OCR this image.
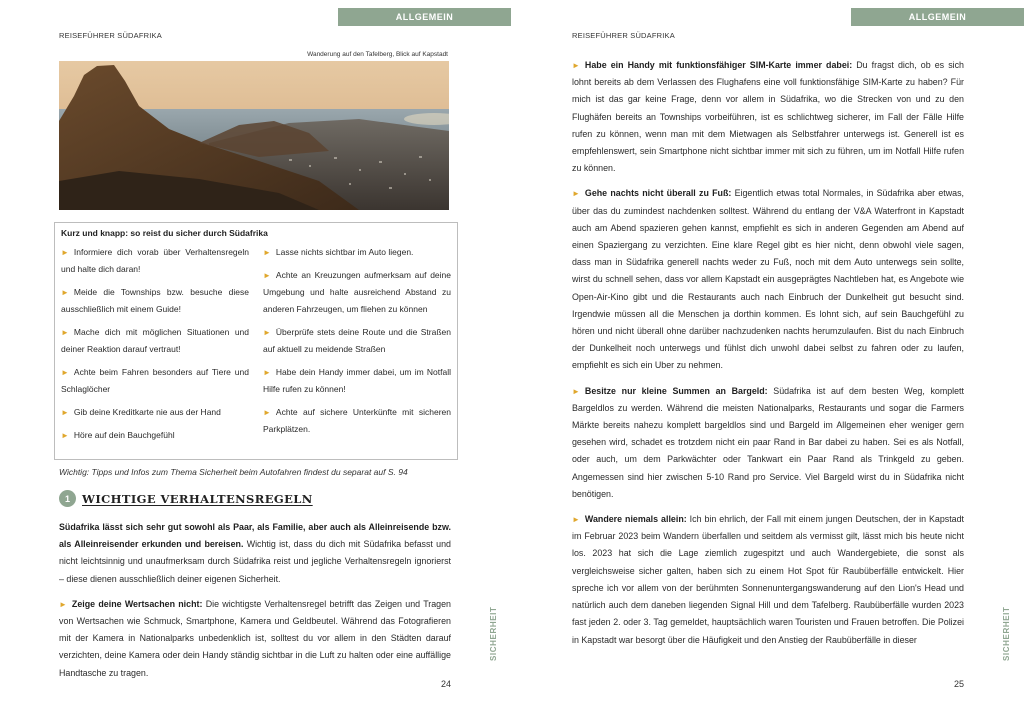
ALLGEMEIN
REISEFÜHRER SÜDAFRIKA
Wanderung auf den Tafelberg, Blick auf Kapstadt
Kurz und knapp: so reist du sicher durch Südafrika
► Informiere dich vorab über Verhaltensregeln und halte dich daran!
► Meide die Townships bzw. besuche diese ausschließlich mit einem Guide!
► Mache dich mit möglichen Situationen und deiner Reaktion darauf vertraut!
► Achte beim Fahren besonders auf Tiere und Schlaglöcher
► Gib deine Kreditkarte nie aus der Hand
► Höre auf dein Bauchgefühl
► Lasse nichts sichtbar im Auto liegen.
► Achte an Kreuzungen aufmerksam auf deine Umgebung und halte ausreichend Abstand zu anderen Fahrzeugen, um fliehen zu können
► Überprüfe stets deine Route und die Straßen auf aktuell zu meidende Straßen
► Habe dein Handy immer dabei, um im Notfall Hilfe rufen zu können!
► Achte auf sichere Unterkünfte mit sicheren Parkplätzen.
Wichtig: Tipps und Infos zum Thema Sicherheit beim Autofahren findest du separat auf S. 94
1	WICHTIGE VERHALTENSREGELN

Südafrika lässt sich sehr gut sowohl als Paar, als Familie, aber auch als Alleinreisende bzw. als Alleinreisender erkunden und bereisen. Wichtig ist, dass du dich mit Südafrika befasst und nicht leichtsinnig und unaufmerksam durch Südafrika reist und jegliche Verhaltensregeln ignorierst – diese dienen ausschließlich deiner eigenen Sicherheit.

► Zeige deine Wertsachen nicht: Die wichtigste Verhaltensregel betrifft das Zeigen und Tragen von Wertsachen wie Schmuck, Smartphone, Kamera und Geldbeutel. Während das Fotografieren mit der Kamera in Nationalparks unbedenklich ist, solltest du vor allem in den Städten darauf verzichten, deine Kamera oder dein Handy ständig sichtbar in die Luft zu halten oder eine auffällige Handtasche zu tragen.

SICHERHEIT
24
ALLGEMEIN
REISEFÜHRER SÜDAFRIKA

► Habe ein Handy mit funktionsfähiger SIM-Karte immer dabei: Du fragst dich, ob es sich lohnt bereits ab dem Verlassen des Flughafens eine voll funktionsfähige SIM-Karte zu haben? Für mich ist das gar keine Frage, denn vor allem in Südafrika, wo die Strecken von und zu den Flughäfen bereits an Townships vorbeiführen, ist es schlichtweg sicherer, im Fall der Fälle Hilfe rufen zu können, wenn man mit dem Mietwagen als Selbstfahrer unterwegs ist. Generell ist es empfehlenswert, sein Smartphone nicht sichtbar immer mit sich zu führen, um im Notfall Hilfe rufen zu können.

► Gehe nachts nicht überall zu Fuß: Eigentlich etwas total Normales, in Südafrika aber etwas, über das du zumindest nachdenken solltest. Während du entlang der V&A Waterfront in Kapstadt auch am Abend spazieren gehen kannst, empfiehlt es sich in anderen Gegenden am Abend auf einen Spaziergang zu verzichten. Eine klare Regel gibt es hier nicht, denn obwohl viele sagen, dass man in Südafrika generell nachts weder zu Fuß, noch mit dem Auto unterwegs sein sollte, wirst du schnell sehen, dass vor allem Kapstadt ein ausgeprägtes Nachtleben hat, es Angebote wie Open-Air-Kino gibt und die Restaurants auch nach Einbruch der Dunkelheit gut besucht sind. Irgendwie müssen all die Menschen ja dorthin kommen. Es lohnt sich, auf sein Bauchgefühl zu hören und nicht überall ohne darüber nachzudenken nachts herumzulaufen. Bist du nach Einbruch der Dunkelheit noch unterwegs und fühlst dich unwohl dabei selbst zu fahren oder zu laufen, empfiehlt es sich ein Uber zu nehmen.

► Besitze nur kleine Summen an Bargeld: Südafrika ist auf dem besten Weg, komplett Bargeldlos zu werden. Während die meisten Nationalparks, Restaurants und sogar die Farmers Märkte bereits nahezu komplett bargeldlos sind und Bargeld im Allgemeinen eher weniger gern gesehen wird, schadet es trotzdem nicht ein paar Rand in Bar dabei zu haben. Sei es als Notfall, oder auch, um dem Parkwächter oder Tankwart ein Paar Rand als Trinkgeld zu geben. Angemessen sind hier zwischen 5-10 Rand pro Service. Viel Bargeld wirst du in Südafrika nicht benötigen.

► Wandere niemals allein: Ich bin ehrlich, der Fall mit einem jungen Deutschen, der in Kapstadt im Februar 2023 beim Wandern überfallen und seitdem als vermisst gilt, lässt mich bis heute nicht los. 2023 hat sich die Lage ziemlich zugespitzt und auch Wandergebiete, die sonst als vergleichsweise sicher galten, haben sich zu einem Hot Spot für Raubüberfälle entwickelt. Hier spreche ich vor allem von der berühmten Sonnenuntergangswanderung auf den Lion's Head und natürlich auch dem daneben liegenden Signal Hill und dem Tafelberg. Raubüberfälle wurden 2023 fast jeden 2. oder 3. Tag gemeldet, hauptsächlich waren Touristen und Frauen betroffen. Die Polizei in Kapstadt war besorgt über die Häufigkeit und den Anstieg der Raubüberfälle in dieser	SICHERHEIT
25
